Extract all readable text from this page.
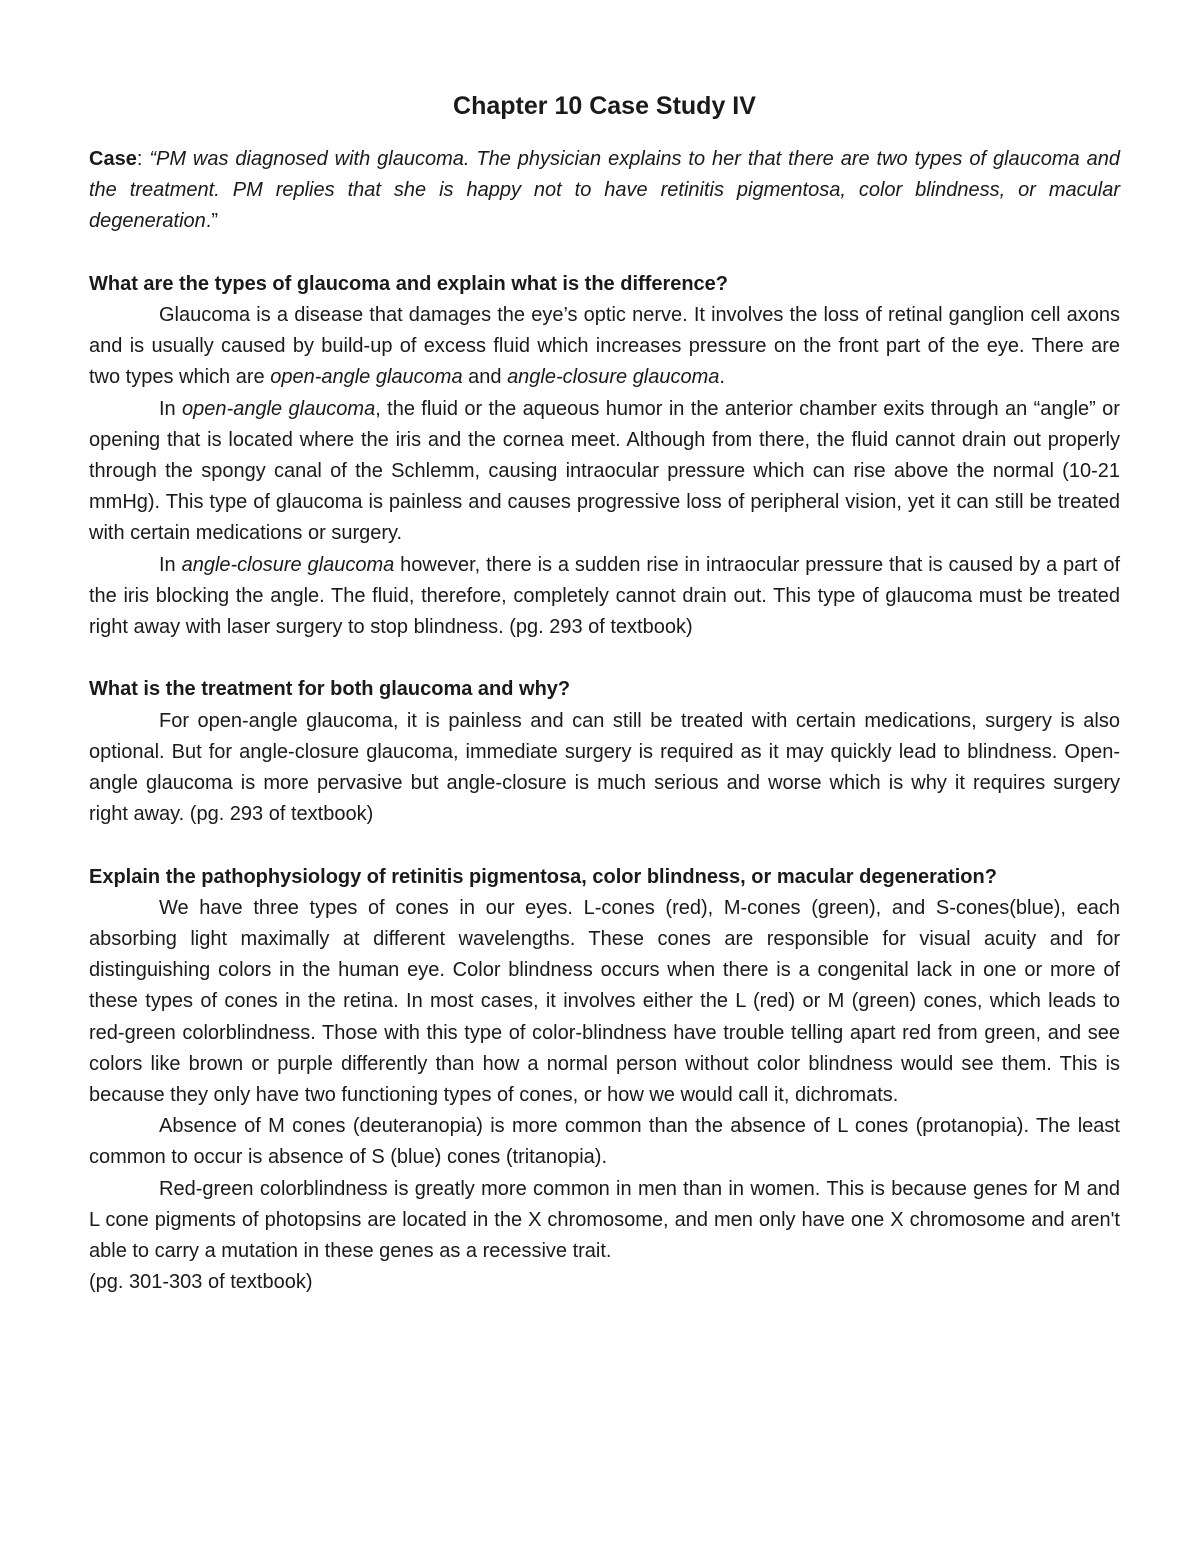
Chapter 10 Case Study IV

Case: “PM was diagnosed with glaucoma. The physician explains to her that there are two types of glaucoma and the treatment. PM replies that she is happy not to have retinitis pigmentosa, color blindness, or macular degeneration.”

What are the types of glaucoma and explain what is the difference?

Glaucoma is a disease that damages the eye’s optic nerve. It involves the loss of retinal ganglion cell axons and is usually caused by build-up of excess fluid which increases pressure on the front part of the eye. There are two types which are open-angle glaucoma and angle-closure glaucoma.

In open-angle glaucoma, the fluid or the aqueous humor in the anterior chamber exits through an “angle” or opening that is located where the iris and the cornea meet. Although from there, the fluid cannot drain out properly through the spongy canal of the Schlemm, causing intraocular pressure which can rise above the normal (10-21 mmHg). This type of glaucoma is painless and causes progressive loss of peripheral vision, yet it can still be treated with certain medications or surgery.

In angle-closure glaucoma however, there is a sudden rise in intraocular pressure that is caused by a part of the iris blocking the angle. The fluid, therefore, completely cannot drain out. This type of glaucoma must be treated right away with laser surgery to stop blindness. (pg. 293 of textbook)

What is the treatment for both glaucoma and why?

For open-angle glaucoma, it is painless and can still be treated with certain medications, surgery is also optional. But for angle-closure glaucoma, immediate surgery is required as it may quickly lead to blindness. Open-angle glaucoma is more pervasive but angle-closure is much serious and worse which is why it requires surgery right away. (pg. 293 of textbook)

Explain the pathophysiology of retinitis pigmentosa, color blindness, or macular degeneration?

We have three types of cones in our eyes. L-cones (red), M-cones (green), and S-cones(blue), each absorbing light maximally at different wavelengths. These cones are responsible for visual acuity and for distinguishing colors in the human eye. Color blindness occurs when there is a congenital lack in one or more of these types of cones in the retina. In most cases, it involves either the L (red) or M (green) cones, which leads to red-green colorblindness. Those with this type of color-blindness have trouble telling apart red from green, and see colors like brown or purple differently than how a normal person without color blindness would see them. This is because they only have two functioning types of cones, or how we would call it, dichromats.

Absence of M cones (deuteranopia) is more common than the absence of L cones (protanopia). The least common to occur is absence of S (blue) cones (tritanopia).

Red-green colorblindness is greatly more common in men than in women. This is because genes for M and L cone pigments of photopsins are located in the X chromosome, and men only have one X chromosome and aren't able to carry a mutation in these genes as a recessive trait.

(pg. 301-303 of textbook)
